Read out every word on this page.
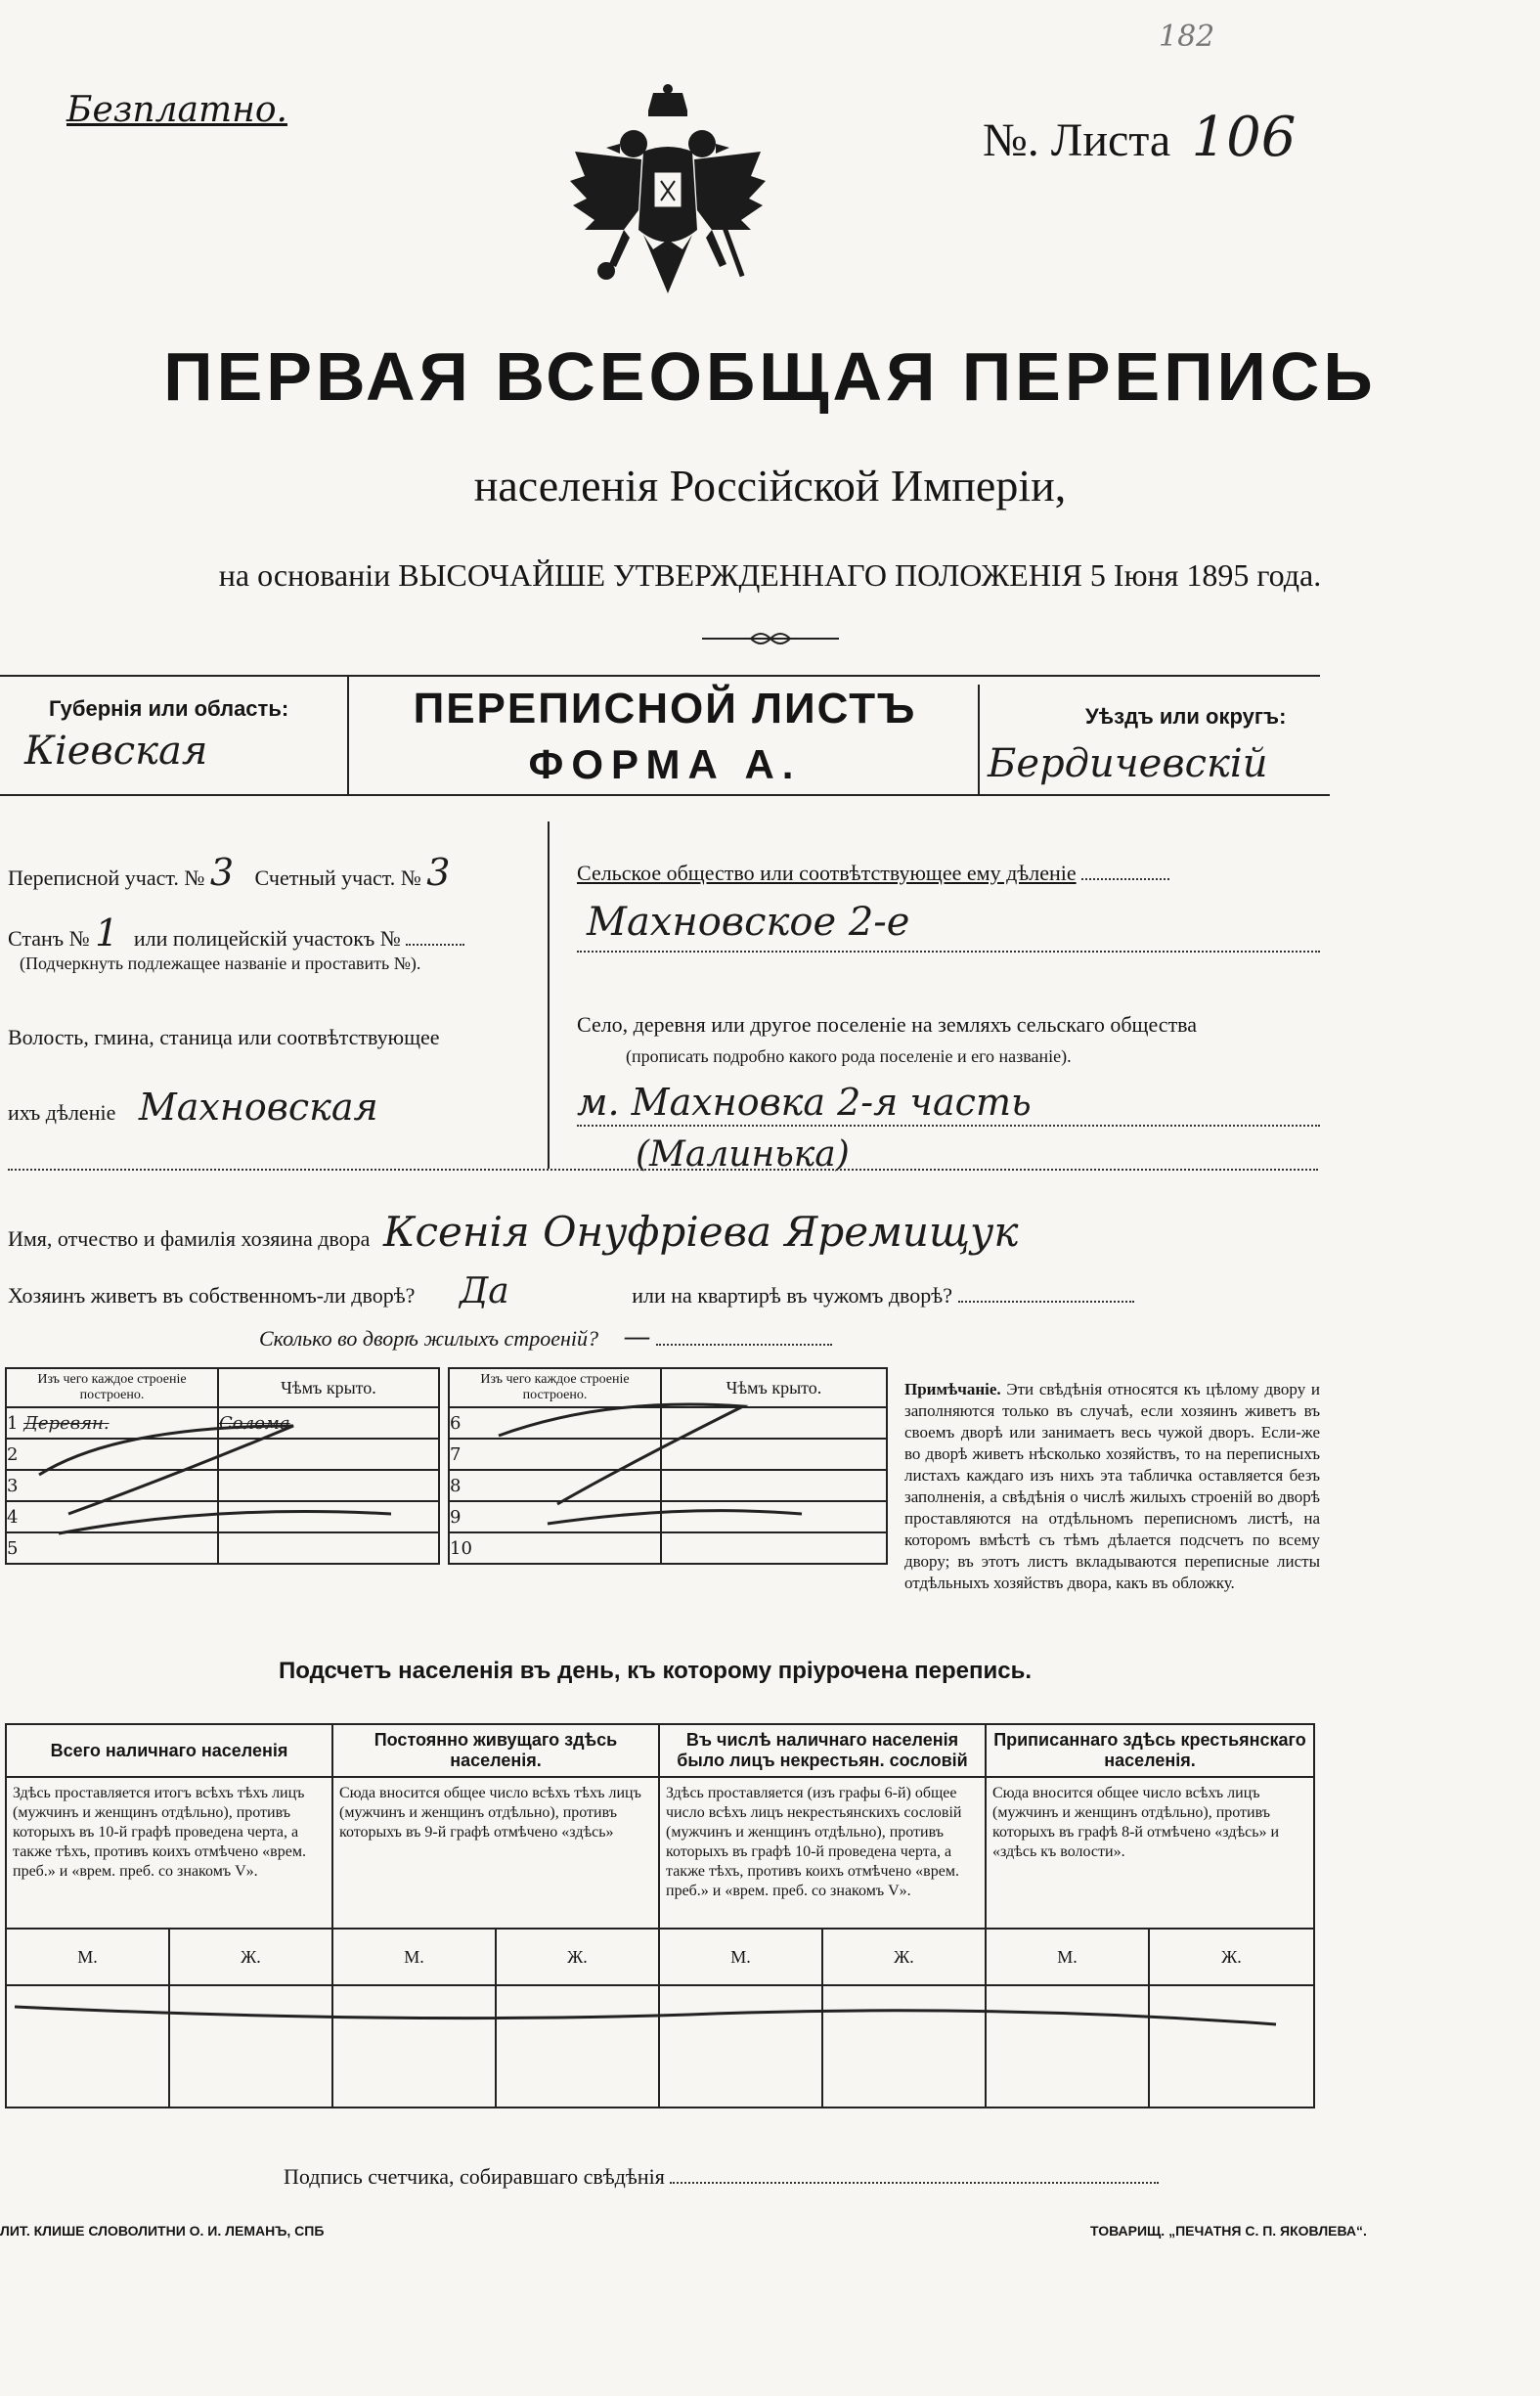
Безплатно.
182
№. Листа 106
ПЕРВАЯ ВСЕОБЩАЯ ПЕРЕПИСЬ
населенія Россійской Имперіи,
на основаніи ВЫСОЧАЙШЕ УТВЕРЖДЕННАГО ПОЛОЖЕНІЯ 5 Іюня 1895 года.
Губернія или область:
Кіевская
ПЕРЕПИСНОЙ ЛИСТЪ
ФОРМА А.
Уѣздъ или округъ:
Бердичевскій
Переписной участ. № 3 Счетный участ. № 3
Станъ № 1 или полицейскій участокъ №
(Подчеркнуть подлежащее названіе и проставить №).
Волость, гмина, станица или соотвѣтствующее
ихъ дѣленіе Махновская
Сельское общество или соотвѣтствующее ему дѣленіе
Махновское 2-е
Село, деревня или другое поселеніе на земляхъ сельскаго общества
(прописать подробно какого рода поселеніе и его названіе).
м. Махновка 2-я часть
(Малинька)
Имя, отчество и фамилія хозяина двора Ксенія Онуфріева Яремищук
Хозяинъ живетъ въ собственномъ-ли дворѣ? Да	или на квартирѣ въ чужомъ дворѣ?
Сколько во дворѣ жилыхъ строеній? —
Изъ чего каждое строеніе построено.	Чѣмъ крыто.
1 Деревян.	Солома
2	
3	
4	
5	
Изъ чего каждое строеніе построено.	Чѣмъ крыто.
6	
7	
8	
9	
10	
Примѣчаніе. Эти свѣдѣнія относятся къ цѣлому двору и заполняются только въ случаѣ, если хозяинъ живетъ въ своемъ дворѣ или занимаетъ весь чужой дворъ. Если-же во дворѣ живетъ нѣсколько хозяйствъ, то на переписныхъ листахъ каждаго изъ нихъ эта табличка оставляется безъ заполненія, а свѣдѣнія о числѣ жилыхъ строеній во дворѣ проставляются на отдѣльномъ переписномъ листѣ, на которомъ вмѣстѣ съ тѣмъ дѣлается подсчетъ по всему двору; въ этотъ листъ вкладываются переписные листы отдѣльныхъ хозяйствъ двора, какъ въ обложку.
Подсчетъ населенія въ день, къ которому пріурочена перепись.
Всего наличнаго населенія		Постоянно живущаго здѣсь населенія.		Въ числѣ наличнаго населенія было лицъ некрестьян. сословій		Приписаннаго здѣсь крестьянскаго населенія.	
Здѣсь проставляется итогъ всѣхъ тѣхъ лицъ (мужчинъ и женщинъ отдѣльно), противъ которыхъ въ 10-й графѣ проведена черта, а также тѣхъ, противъ коихъ отмѣчено «врем. преб.» и «врем. преб. со знакомъ V».		Сюда вносится общее число всѣхъ тѣхъ лицъ (мужчинъ и женщинъ отдѣльно), противъ которыхъ въ 9-й графѣ отмѣчено «здѣсь»		Здѣсь проставляется (изъ графы 6-й) общее число всѣхъ лицъ некрестьянскихъ сословій (мужчинъ и женщинъ отдѣльно), противъ которыхъ въ графѣ 10-й проведена черта, а также тѣхъ, противъ коихъ отмѣчено «врем. преб.» и «врем. преб. со знакомъ V».		Сюда вносится общее число всѣхъ лицъ (мужчинъ и женщинъ отдѣльно), противъ которыхъ въ графѣ 8-й отмѣчено «здѣсь» и «здѣсь къ волости».	
М.	Ж.	М.	Ж.	М.	Ж.	М.	Ж.

Подпись счетчика, собиравшаго свѣдѣнія
ЛИТ. КЛИШЕ СЛОВОЛИТНИ О. И. ЛЕМАНЪ, СПБ	ТОВАРИЩ. „ПЕЧАТНЯ С. П. ЯКОВЛЕВА“.
